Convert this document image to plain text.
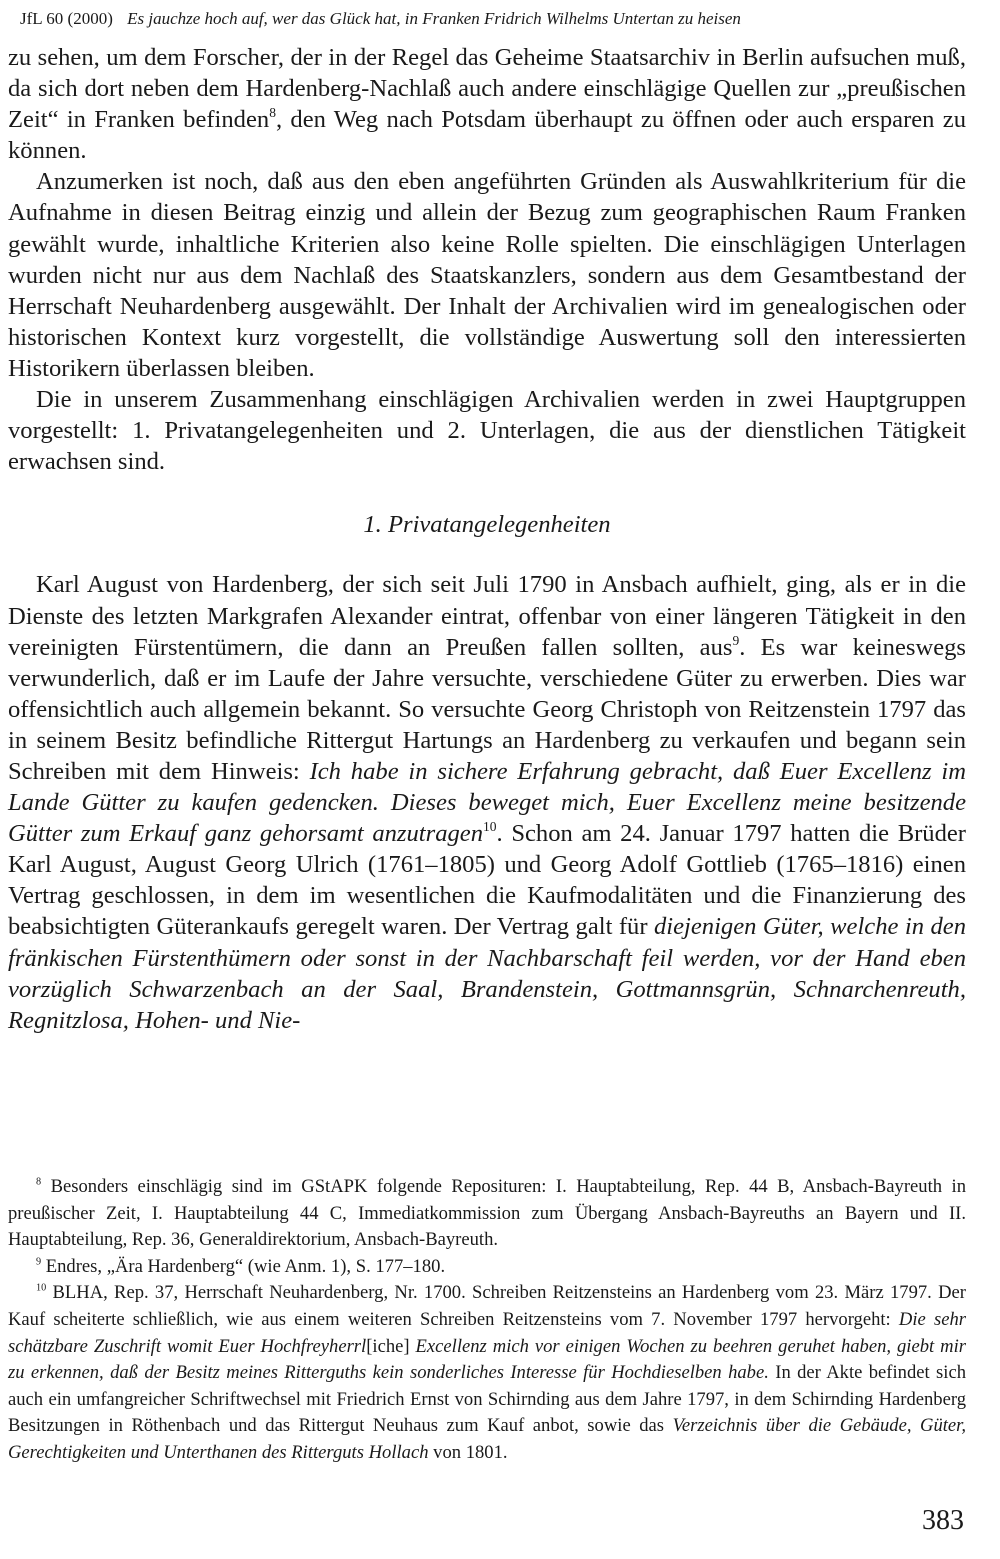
JfL 60 (2000) Es jauchze hoch auf, wer das Glück hat, in Franken Fridrich Wilhelms Untertan zu heisen

zu sehen, um dem Forscher, der in der Regel das Geheime Staatsarchiv in Berlin aufsuchen muß, da sich dort neben dem Hardenberg-Nachlaß auch andere einschlägige Quellen zur „preußischen Zeit“ in Franken befinden$^8$, den Weg nach Potsdam überhaupt zu öffnen oder auch ersparen zu können.

Anzumerken ist noch, daß aus den eben angeführten Gründen als Auswahlkriterium für die Aufnahme in diesen Beitrag einzig und allein der Bezug zum geographischen Raum Franken gewählt wurde, inhaltliche Kriterien also keine Rolle spielten. Die einschlägigen Unterlagen wurden nicht nur aus dem Nachlaß des Staatskanzlers, sondern aus dem Gesamtbestand der Herrschaft Neuhardenberg ausgewählt. Der Inhalt der Archivalien wird im genealogischen oder historischen Kontext kurz vorgestellt, die vollständige Auswertung soll den interessierten Historikern überlassen bleiben.

Die in unserem Zusammenhang einschlägigen Archivalien werden in zwei Hauptgruppen vorgestellt: 1. Privatangelegenheiten und 2. Unterlagen, die aus der dienstlichen Tätigkeit erwachsen sind.

1. Privatangelegenheiten

Karl August von Hardenberg, der sich seit Juli 1790 in Ansbach aufhielt, ging, als er in die Dienste des letzten Markgrafen Alexander eintrat, offenbar von einer längeren Tätigkeit in den vereinigten Fürstentümern, die dann an Preußen fallen sollten, aus$^9$. Es war keineswegs verwunderlich, daß er im Laufe der Jahre versuchte, verschiedene Güter zu erwerben. Dies war offensichtlich auch allgemein bekannt. So versuchte Georg Christoph von Reitzenstein 1797 das in seinem Besitz befindliche Rittergut Hartungs an Hardenberg zu verkaufen und begann sein Schreiben mit dem Hinweis: Ich habe in sichere Erfahrung gebracht, daß Euer Excellenz im Lande Gütter zu kaufen gedencken. Dieses beweget mich, Euer Excellenz meine besitzende Gütter zum Erkauf ganz gehorsamt anzutragen$^{10}$. Schon am 24. Januar 1797 hatten die Brüder Karl August, August Georg Ulrich (1761–1805) und Georg Adolf Gottlieb (1765–1816) einen Vertrag geschlossen, in dem im wesentlichen die Kaufmodalitäten und die Finanzierung des beabsichtigten Güterankaufs geregelt waren. Der Vertrag galt für diejenigen Güter, welche in den fränkischen Fürstenthümern oder sonst in der Nachbarschaft feil werden, vor der Hand eben vorzüglich Schwarzenbach an der Saal, Brandenstein, Gottmannsgrün, Schnarchenreuth, Regnitzlosa, Hohen- und Nie-

$^8$ Besonders einschlägig sind im GStAPK folgende Reposituren: I. Hauptabteilung, Rep. 44 B, Ansbach-Bayreuth in preußischer Zeit, I. Hauptabteilung 44 C, Immediatkommission zum Übergang Ansbach-Bayreuths an Bayern und II. Hauptabteilung, Rep. 36, Generaldirektorium, Ansbach-Bayreuth.

$^9$ Endres, „Ära Hardenberg“ (wie Anm. 1), S. 177–180.

$^{10}$ BLHA, Rep. 37, Herrschaft Neuhardenberg, Nr. 1700. Schreiben Reitzensteins an Hardenberg vom 23. März 1797. Der Kauf scheiterte schließlich, wie aus einem weiteren Schreiben Reitzensteins vom 7. November 1797 hervorgeht: Die sehr schätzbare Zuschrift womit Euer Hochfreyherrl[iche] Excellenz mich vor einigen Wochen zu beehren geruhet haben, giebt mir zu erkennen, daß der Besitz meines Ritterguths kein sonderliches Interesse für Hochdieselben habe. In der Akte befindet sich auch ein umfangreicher Schriftwechsel mit Friedrich Ernst von Schirnding aus dem Jahre 1797, in dem Schirnding Hardenberg Besitzungen in Röthenbach und das Rittergut Neuhaus zum Kauf anbot, sowie das Verzeichnis über die Gebäude, Güter, Gerechtigkeiten und Unterthanen des Ritterguts Hollach von 1801.

383
